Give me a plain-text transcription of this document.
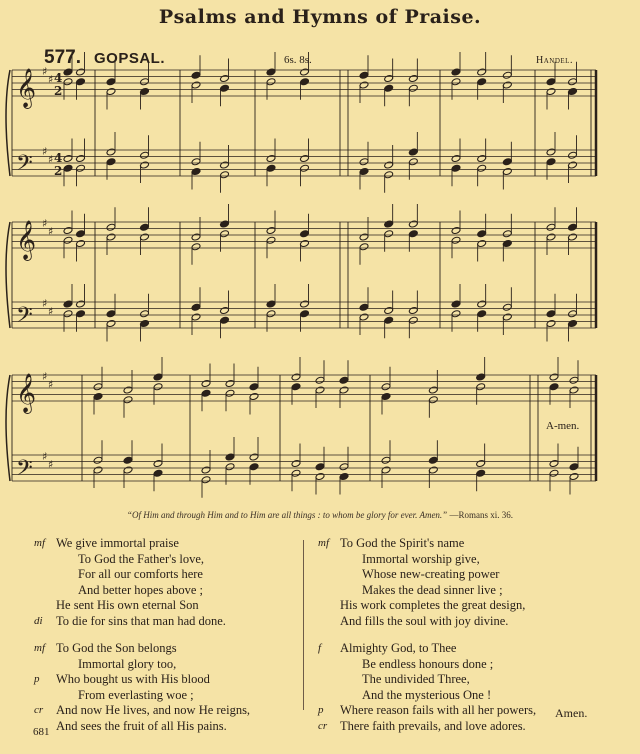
Psalms and Hymns of Praise.
577. GOPSAL.	6s. 8s.	Handel.
𝄞 ♯
♯
𝄢 ♯
♯
𝄞 ♯
♯
𝄢 ♯
♯
𝄞 ♯
♯
𝄢 ♯
♯
4
2
4
2
A-men.
“Of Him and through Him and to Him are all things : to whom be glory for ever. Amen.” —Romans xi. 36.
mf We give immortal praise
To God the Father's love,
For all our comforts here
And better hopes above ;
He sent His own eternal Son
di	To die for sins that man had done.
mf To God the Son belongs
Immortal glory too,
p	Who bought us with His blood
From everlasting woe ;
cr	And now He lives, and now He reigns,
And sees the fruit of all His pains.
mf To God the Spirit's name
Immortal worship give,
Whose new-creating power
Makes the dead sinner live ;
His work completes the great design,
And fills the soul with joy divine.
f	Almighty God, to Thee
Be endless honours done ;
The undivided Three,
And the mysterious One !
p	Where reason fails with all her powers,
cr	There faith prevails, and love adores.
Amen.
681
